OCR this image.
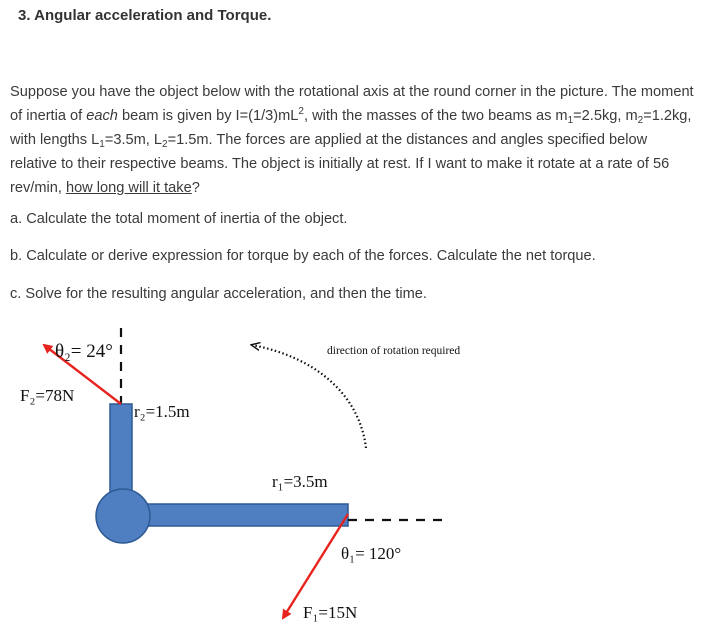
3. Angular acceleration and Torque.

Suppose you have the object below with the rotational axis at the round corner in the picture. The moment of inertia of each beam is given by $I=(1/3)mL^2$, with the masses of the two beams as $m_1=2.5kg$, $m_2=1.2kg$, with lengths $L_1=3.5m$, $L_2=1.5m$. The forces are applied at the distances and angles specified below relative to their respective beams. The object is initially at rest. If I want to make it rotate at a rate of 56 rev/min, how long will it take?

a. Calculate the total moment of inertia of the object.

b. Calculate or derive expression for torque by each of the forces. Calculate the net torque.

c. Solve for the resulting angular acceleration, and then the time.

θ₂= 24°
F₂=78N
r₂=1.5m
direction of rotation required
r₁=3.5m
θ₁= 120°
F₁=15N
